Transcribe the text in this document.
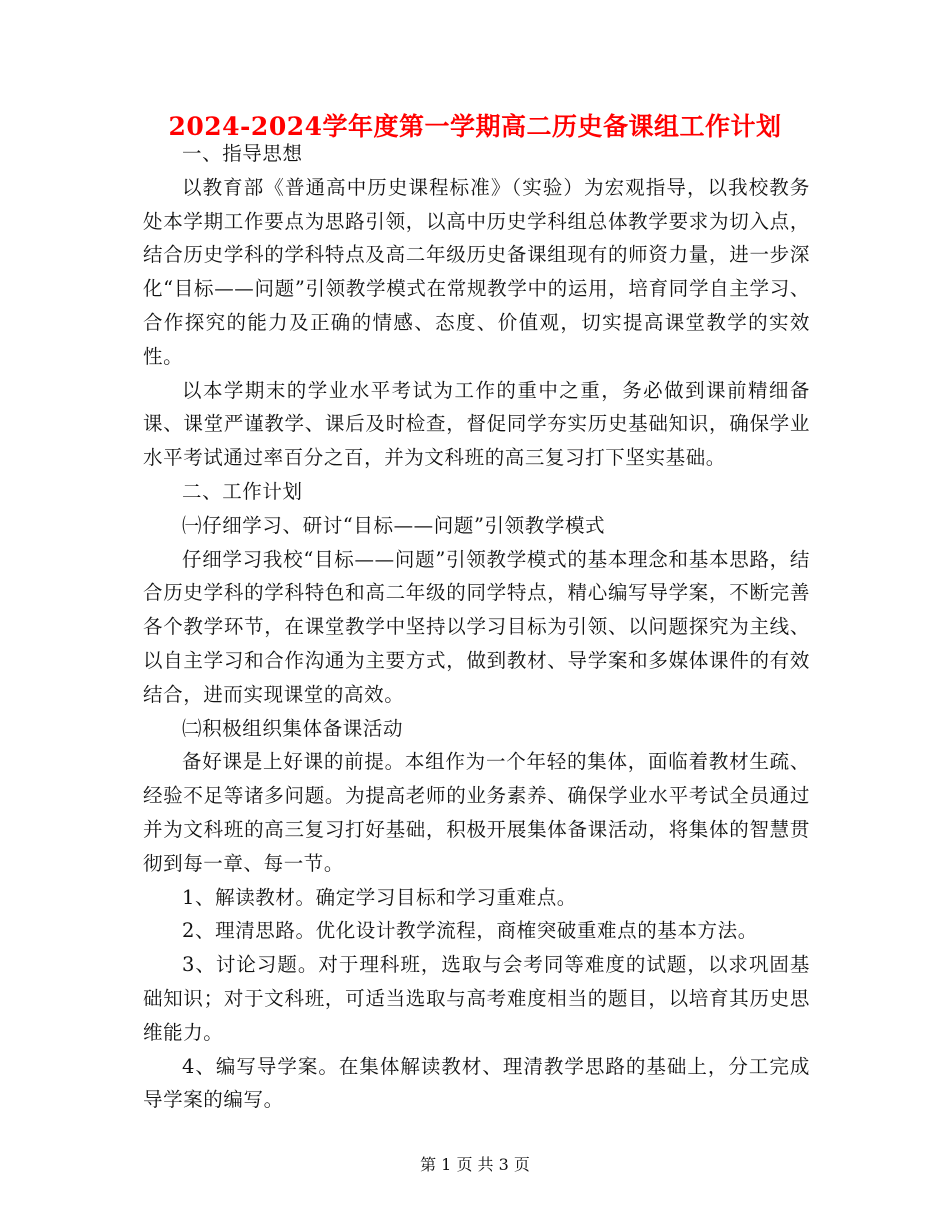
2024-2024学年度第一学期高二历史备课组工作计划

一、指导思想

以教育部《普通高中历史课程标准》（实验）为宏观指导，以我校教务处本学期工作要点为思路引领，以高中历史学科组总体教学要求为切入点，结合历史学科的学科特点及高二年级历史备课组现有的师资力量，进一步深化“目标——问题”引领教学模式在常规教学中的运用，培育同学自主学习、合作探究的能力及正确的情感、态度、价值观，切实提高课堂教学的实效性。

以本学期末的学业水平考试为工作的重中之重，务必做到课前精细备课、课堂严谨教学、课后及时检查，督促同学夯实历史基础知识，确保学业水平考试通过率百分之百，并为文科班的高三复习打下坚实基础。

二、工作计划

㈠仔细学习、研讨“目标——问题”引领教学模式

仔细学习我校“目标——问题”引领教学模式的基本理念和基本思路，结合历史学科的学科特色和高二年级的同学特点，精心编写导学案，不断完善各个教学环节，在课堂教学中坚持以学习目标为引领、以问题探究为主线、以自主学习和合作沟通为主要方式，做到教材、导学案和多媒体课件的有效结合，进而实现课堂的高效。

㈡积极组织集体备课活动

备好课是上好课的前提。本组作为一个年轻的集体，面临着教材生疏、经验不足等诸多问题。为提高老师的业务素养、确保学业水平考试全员通过并为文科班的高三复习打好基础，积极开展集体备课活动，将集体的智慧贯彻到每一章、每一节。

1、解读教材。确定学习目标和学习重难点。

2、理清思路。优化设计教学流程，商榷突破重难点的基本方法。

3、讨论习题。对于理科班，选取与会考同等难度的试题，以求巩固基础知识；对于文科班，可适当选取与高考难度相当的题目，以培育其历史思维能力。

4、编写导学案。在集体解读教材、理清教学思路的基础上，分工完成导学案的编写。

第 1 页 共 3 页
